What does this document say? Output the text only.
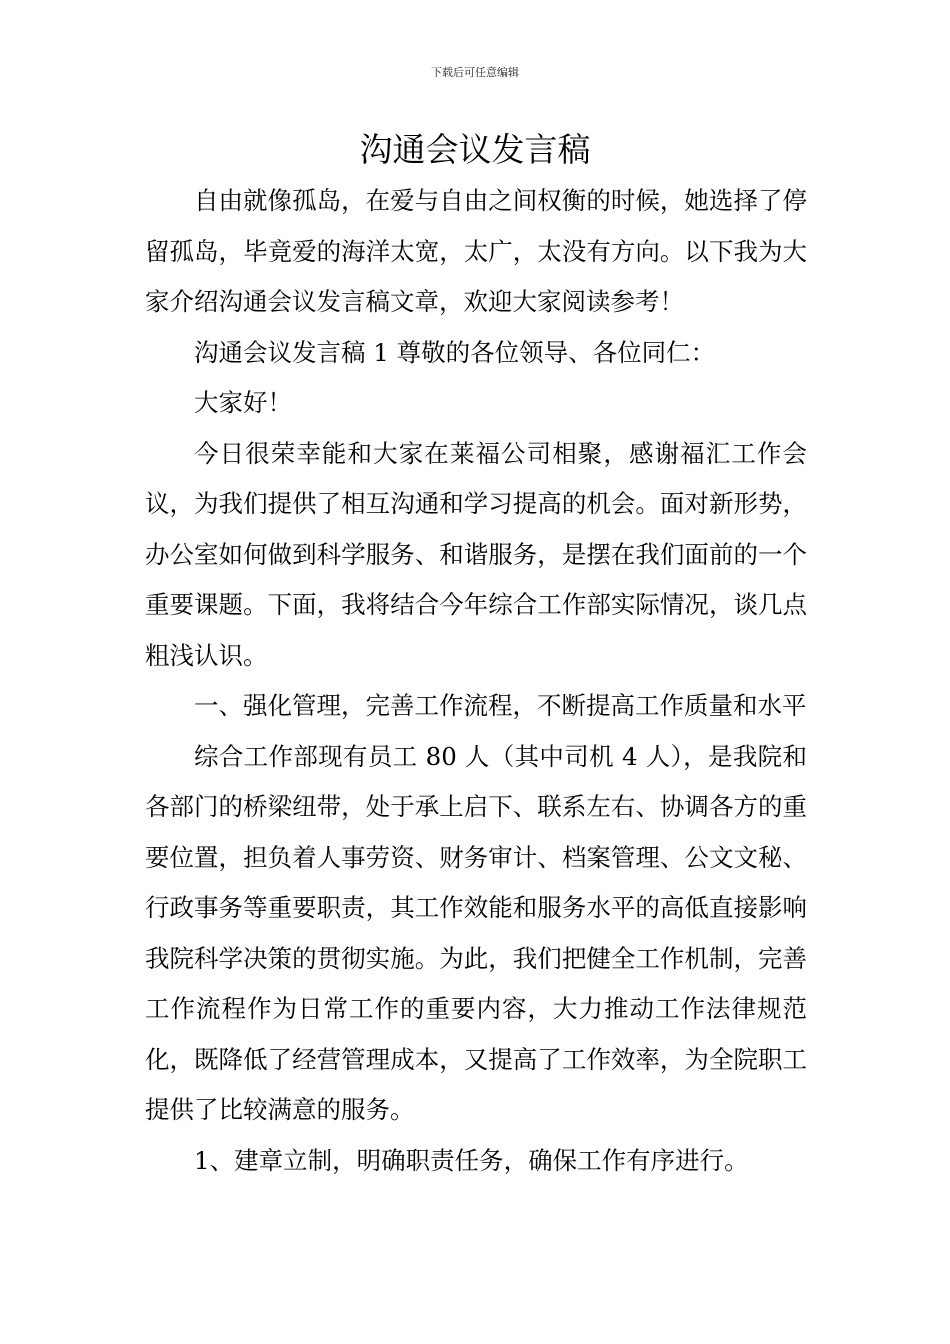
下载后可任意编辑
沟通会议发言稿

自由就像孤岛，在爱与自由之间权衡的时候，她选择了停留孤岛，毕竟爱的海洋太宽，太广，太没有方向。以下我为大家介绍沟通会议发言稿文章，欢迎大家阅读参考！

沟通会议发言稿 1 尊敬的各位领导、各位同仁：

大家好！

今日很荣幸能和大家在莱福公司相聚，感谢福汇工作会议，为我们提供了相互沟通和学习提高的机会。面对新形势，办公室如何做到科学服务、和谐服务，是摆在我们面前的一个重要课题。下面，我将结合今年综合工作部实际情况，谈几点粗浅认识。

一、强化管理，完善工作流程，不断提高工作质量和水平

综合工作部现有员工 80 人（其中司机 4 人），是我院和各部门的桥梁纽带，处于承上启下、联系左右、协调各方的重要位置，担负着人事劳资、财务审计、档案管理、公文文秘、行政事务等重要职责，其工作效能和服务水平的高低直接影响我院科学决策的贯彻实施。为此，我们把健全工作机制，完善工作流程作为日常工作的重要内容，大力推动工作法律规范化，既降低了经营管理成本，又提高了工作效率，为全院职工提供了比较满意的服务。

1、建章立制，明确职责任务，确保工作有序进行。
